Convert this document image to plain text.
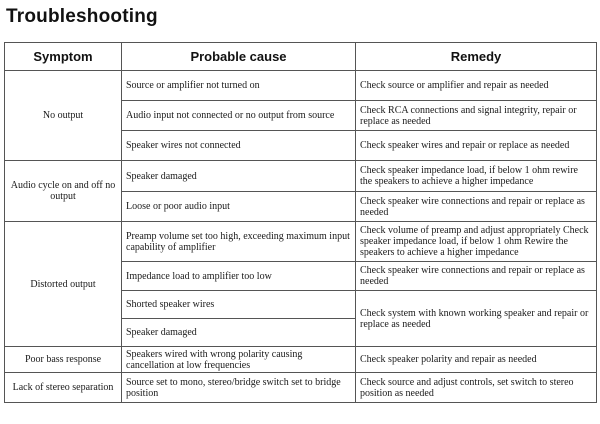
Troubleshooting
Symptom	Probable cause	Remedy
No output	Source or amplifier not turned on	Check source or amplifier and repair as needed
	Audio input not connected or no output from source	Check RCA connections and signal integrity, repair or replace as needed
	Speaker wires not connected	Check speaker wires and repair or replace as needed
Audio cycle on and off no output	Speaker damaged	Check speaker impedance load, if below 1 ohm rewire the speakers to achieve a higher impedance
	Loose or poor audio input	Check speaker wire connections and repair or replace as needed
Distorted output	Preamp volume set too high, exceeding maximum input capability of amplifier	Check volume of preamp and adjust appropriately Check speaker impedance load, if below 1 ohm Rewire the speakers to achieve a higher impedance
	Impedance load to amplifier too low	Check speaker wire connections and repair or replace as needed
	Shorted speaker wires	Check system with known working speaker and repair or replace as needed
	Speaker damaged	
Poor bass response	Speakers wired with wrong polarity causing cancellation at low frequencies	Check speaker polarity and repair as needed
Lack of stereo separation	Source set to mono, stereo/bridge switch set to bridge position	Check source and adjust controls, set switch to stereo position as needed
